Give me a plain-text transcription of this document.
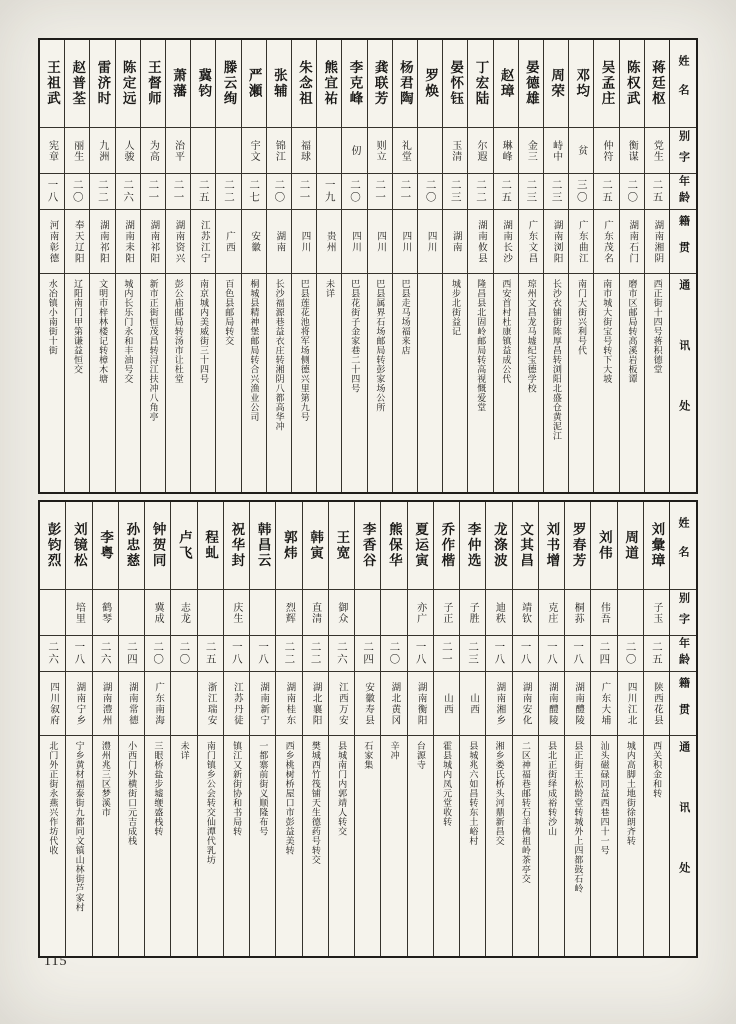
蒋廷枢
党生
二五
湖南湘阴
西正街十四号蒋积德堂
陈权武
衡谋
二〇
湖南石门
磨市区邮局转高溪岩板谭
吴孟庄
仲符
二五
广东茂名
南市城大街宝号转下大坡
邓均
贫
三〇
广东曲江
南门大街兴利号代
周荣
峙中
二三
湖南浏阳
长沙衣铺街陈厚昌转浏阳北盛仓黄泥江
晏德雄
金三
二三
广东文昌
琼州文昌龙马墟纪宝德学校
赵璋
琳峰
二五
湖南长沙
西安首村杜康镇益成公代
丁宏陆
尔遐
二二
湖南攸县
隆昌县北固岭邮局转高视慨爱堂
晏怀钰
玉清
二三
湖南
城步北街益记
罗焕
二〇
四川
杨君陶
礼堂
二一
四川
巴县走马场福来店
龚联芳
则立
二一
四川
巴县属界石场邮局转彭家场公所
李克峰
仞
二〇
四川
巴县花街子金家巷二十四号
熊宜祐
一九
贵州
未详
朱念祖
福球
二一
四川
巴县莲花池将军场侧德兴里第九号
张辅
锦江
二〇
湖南
长沙福源巷益衣庄转湘阴八都高华冲
严瀬
宇文
二七
安徽
桐城县精神堡邮局转合兴渔业公司
滕云绚
二二
广西
百色县邮局转交
冀钧
二五
江苏江宁
南京城内美威街三十四号
萧藩
治平
二一
湖南资兴
彭公庙邮局转汤市让杜堂
王督师
为高
二一
湖南祁阳
新市正街恒茂昌转浔江扶冲八角亭
陈定远
人骏
二六
湖南耒阳
城内长乐门永和丰油号交
雷济时
九洲
二二
湖南祁阳
文明市梓林楼记转樟木塘
赵普荃
丽生
二〇
奉天辽阳
辽阳南门甲第谦益恒交
王祖武
宪章
一八
河南彰德
水冶镇小南街十街
姓名
别字
年龄
籍贯
通讯处
刘彙璋
子玉
二五
陕西花县
西关积金和转
周道
二〇
四川江北
城内高脚土地街徐朗齐转
刘伟
伟吾
二四
广东大埔
汕头磁碌同益西巷四十一号
罗春芳
桐荪
一八
湖南醴陵
县正街王松龄堂转城外上四都鼓石岭
刘书增
克庄
一八
湖南醴陵
县北正街绎成裕转沙山
文其昌
靖钦
一八
湖南安化
二区神福巷邮转石羊佛祖岭茶亭交
龙涤波
迪秩
一八
湖南湘乡
湘乡娄氏桥头河鼎新昌交
李仲选
子胜
二三
山西
县城兆六如昌转东土峪村
乔作楷
子正
二一
山西
霍县城内凤元堂收转
夏运寅
亦广
一八
湖南衡阳
台源寺
熊保华
二〇
湖北黄冈
辛冲
李香谷
二四
安徽寿县
石家集
王宽
御众
二六
江西万安
县城南门内郭靖人转交
韩寅
直清
二二
湖北襄阳
樊城西竹筏铺天生德药号转交
郭炜
烈辉
二二
湖南桂东
西乡桃树桥屋口市彭益美转
韩昌云
一八
湖南新宁
一都寨前街义顺隆布号
祝华封
庆生
一八
江苏丹徒
镇江又新街协和书局转
程虬
二五
浙江瑞安
南门镇乡公会转交仙潭代乳坊
卢飞
志龙
二〇
未详
钟贺同
冀成
二〇
广东南海
三眼桥盐步墟缏盛栈转
孙忠慈
二四
湖南常德
小西门外横街口元吉成栈
李粤
鹤琴
二六
湖南澧州
澧州兆三区梦溪市
刘镜松
培里
一八
湖南宁乡
宁乡黄材福泰街九都同文镇山林街芦家村
彭钧烈
二六
四川叙府
北门外正街永燕兴作坊代收
姓名
别字
年龄
籍贯
通讯处
115
